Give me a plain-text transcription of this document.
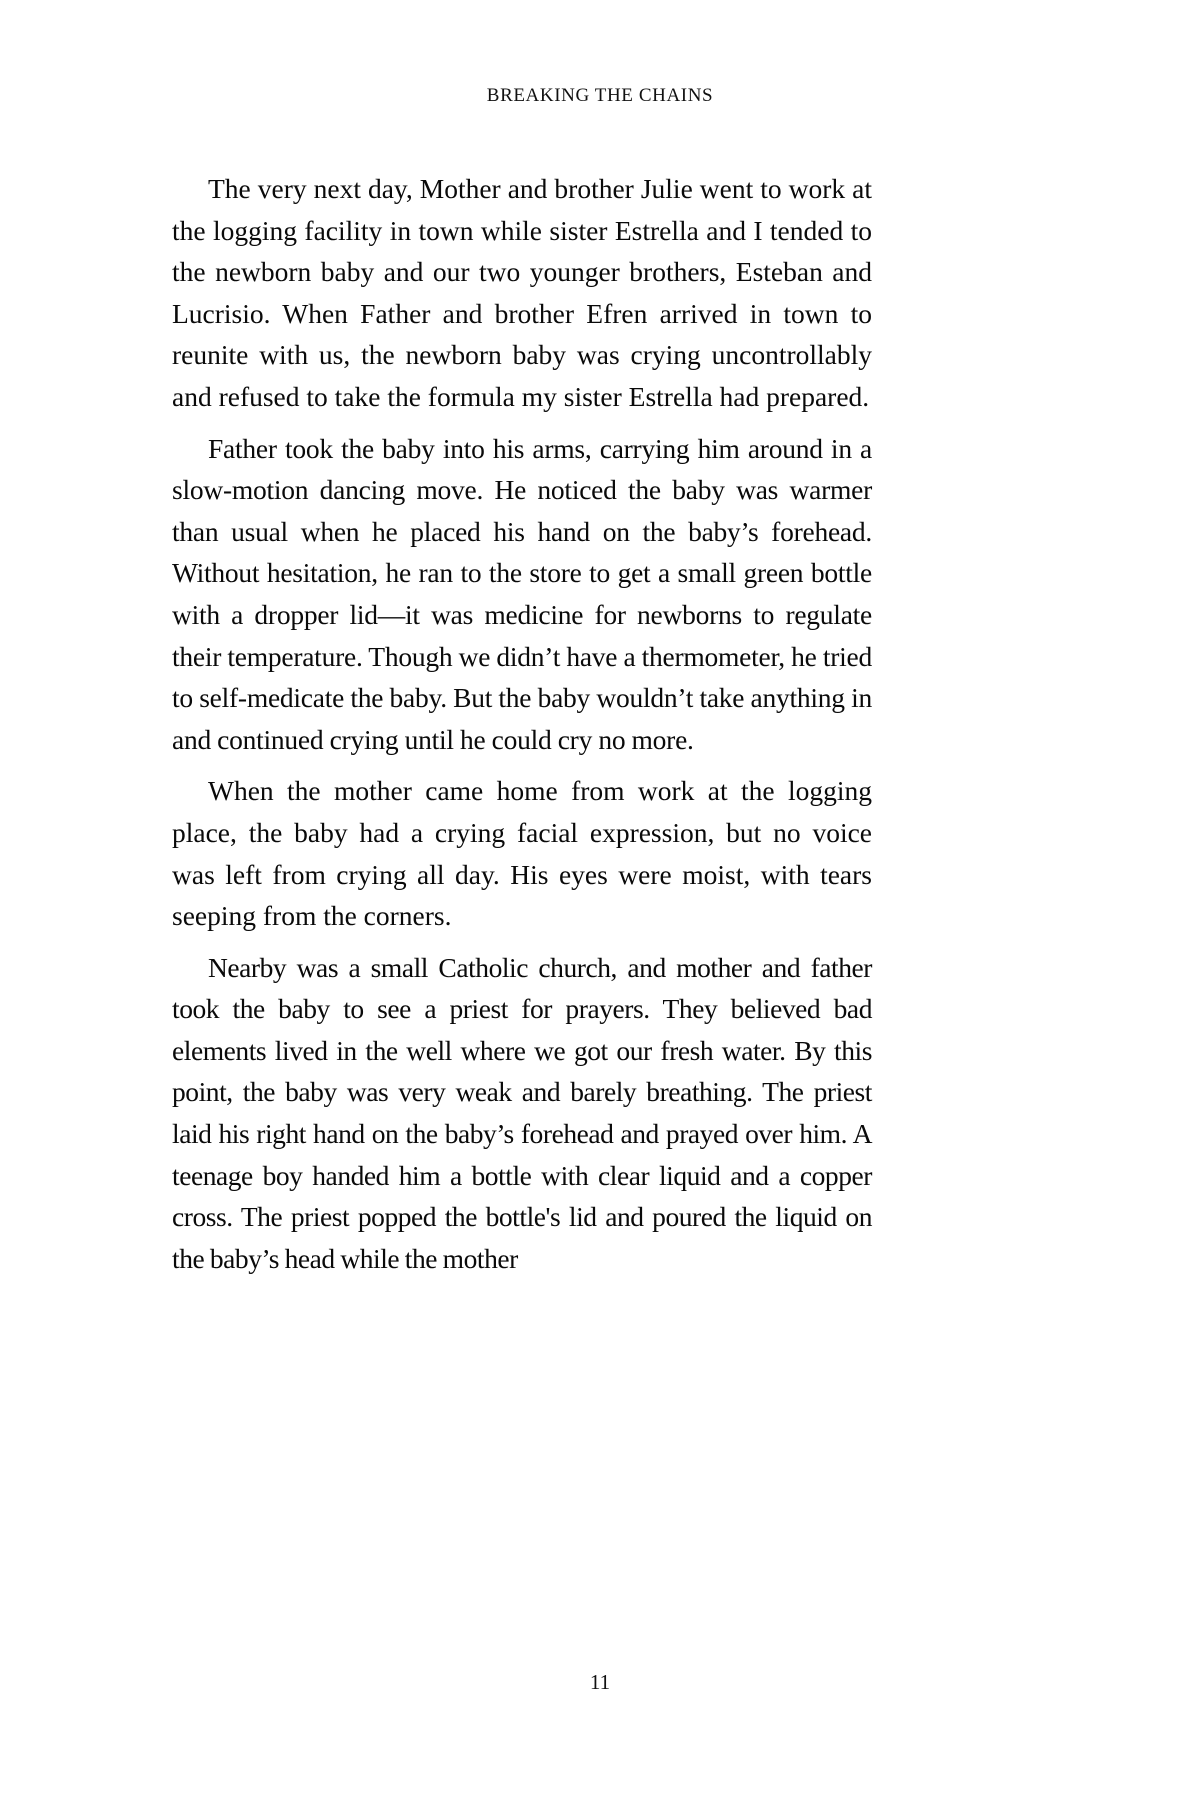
BREAKING THE CHAINS

The very next day, Mother and brother Julie went to work at the logging facility in town while sister Estrella and I tended to the newborn baby and our two younger brothers, Esteban and Lucrisio. When Father and brother Efren arrived in town to reunite with us, the newborn baby was crying uncontrollably and refused to take the formula my sister Estrella had prepared.

Father took the baby into his arms, carrying him around in a slow-motion dancing move. He noticed the baby was warmer than usual when he placed his hand on the baby’s forehead. Without hesitation, he ran to the store to get a small green bottle with a dropper lid—it was medicine for newborns to regulate their temperature. Though we didn’t have a thermometer, he tried to self-medicate the baby. But the baby wouldn’t take anything in and continued crying until he could cry no more.

When the mother came home from work at the logging place, the baby had a crying facial expression, but no voice was left from crying all day. His eyes were moist, with tears seeping from the corners.

Nearby was a small Catholic church, and mother and father took the baby to see a priest for prayers. They believed bad elements lived in the well where we got our fresh water. By this point, the baby was very weak and barely breathing. The priest laid his right hand on the baby’s forehead and prayed over him. A teenage boy handed him a bottle with clear liquid and a copper cross. The priest popped the bottle's lid and poured the liquid on the baby’s head while the mother

11
